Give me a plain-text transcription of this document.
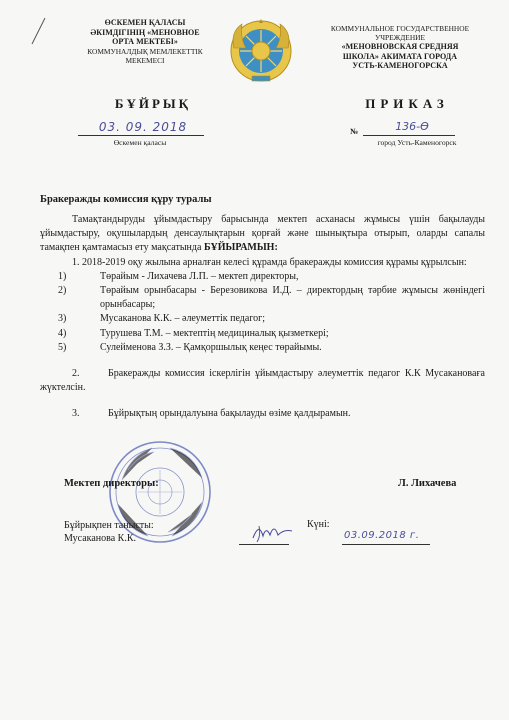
ӨСКЕМЕН ҚАЛАСЫ
ӘКІМДІГІНІҢ «МЕНОВНОЕ
ОРТА МЕКТЕБІ»
КОММУНАЛДЫҚ МЕМЛЕКЕТТІК
МЕКЕМЕСІ
КОММУНАЛЬНОЕ ГОСУДАРСТВЕННОЕ
УЧРЕЖДЕНИЕ
«МЕНОВНОВСКАЯ СРЕДНЯЯ
ШКОЛА» АКИМАТА ГОРОДА
УСТЬ-КАМЕНОГОРСКА
БҰЙРЫҚ	ПРИКАЗ
03. 09. 2018
Өскемен қаласы
№	136-Ө
город Усть-Каменогорск
Бракеражды комиссия құру туралы

Тамақтандыруды ұйымдастыру барысында мектеп асханасы жұмысы үшін бақылауды ұйымдастыру, оқушылардың денсаулықтарын қорғай және шынықтыра отырып, оларды сапалы тамақпен қамтамасыз ету мақсатында БҰЙЫРАМЫН:

1. 2018-2019 оқу жылына арналған келесі құрамда бракеражды комиссия құрамы құрылсын:

1)	Төрайым - Лихачева Л.П. – мектеп директоры,
2)	Төрайым орынбасары - Березовикова И.Д. – директордың тәрбие жұмысы жөніндегі орынбасары;
3)	Мусаканова К.К. – әлеуметтік педагог;
4)	Турушева Т.М. – мектептің медициналық қызметкері;
5)	Сулейменова З.З. – Қамқоршылық кеңес төрайымы.

2.	Бракеражды комиссия іскерлігін ұйымдастыру әлеуметтік педагог К.К Мусакановаға жүктелсін.

3.	Бұйрықтың орындалуына бақылауды өзіме қалдырамын.

Мектеп директоры:	Л. Лихачева
Бұйрықпен танысты:
Мусаканова К.К.
Күні:
03.09.2018 г.
